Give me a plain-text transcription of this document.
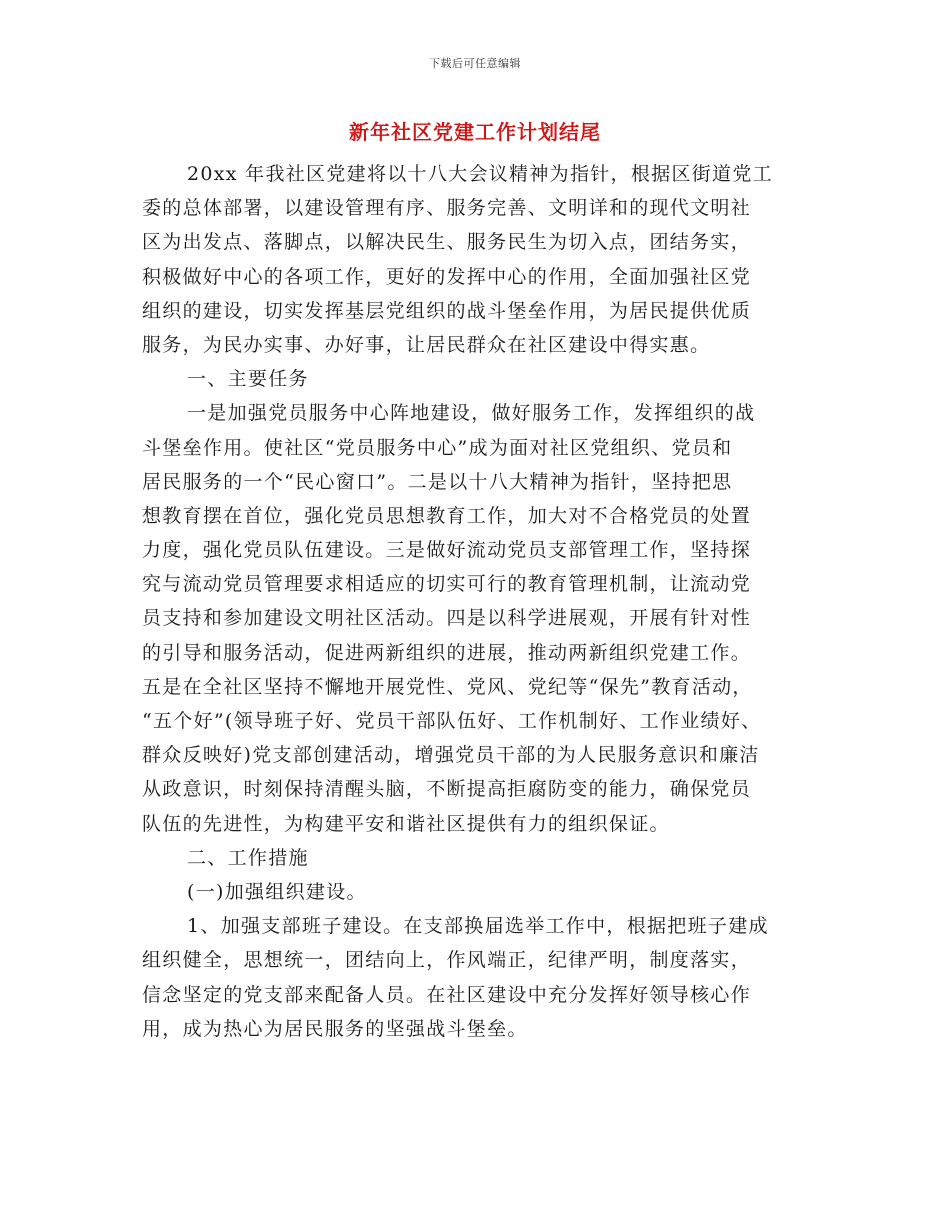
下载后可任意编辑
新年社区党建工作计划结尾
20xx 年我社区党建将以十八大会议精神为指针，根据区街道党工
委的总体部署，以建设管理有序、服务完善、文明详和的现代文明社
区为出发点、落脚点，以解决民生、服务民生为切入点，团结务实，
积极做好中心的各项工作，更好的发挥中心的作用，全面加强社区党
组织的建设，切实发挥基层党组织的战斗堡垒作用，为居民提供优质
服务，为民办实事、办好事，让居民群众在社区建设中得实惠。
一、主要任务
一是加强党员服务中心阵地建设，做好服务工作，发挥组织的战
斗堡垒作用。使社区“党员服务中心”成为面对社区党组织、党员和
居民服务的一个“民心窗口”。二是以十八大精神为指针，坚持把思
想教育摆在首位，强化党员思想教育工作，加大对不合格党员的处置
力度，强化党员队伍建设。三是做好流动党员支部管理工作，坚持探
究与流动党员管理要求相适应的切实可行的教育管理机制，让流动党
员支持和参加建设文明社区活动。四是以科学进展观，开展有针对性
的引导和服务活动，促进两新组织的进展，推动两新组织党建工作。
五是在全社区坚持不懈地开展党性、党风、党纪等“保先”教育活动，
“五个好”(领导班子好、党员干部队伍好、工作机制好、工作业绩好、
群众反映好)党支部创建活动，增强党员干部的为人民服务意识和廉洁
从政意识，时刻保持清醒头脑，不断提高拒腐防变的能力，确保党员
队伍的先进性，为构建平安和谐社区提供有力的组织保证。
二、工作措施
(一)加强组织建设。
1、加强支部班子建设。在支部换届选举工作中，根据把班子建成
组织健全，思想统一，团结向上，作风端正，纪律严明，制度落实，
信念坚定的党支部来配备人员。在社区建设中充分发挥好领导核心作
用，成为热心为居民服务的坚强战斗堡垒。
